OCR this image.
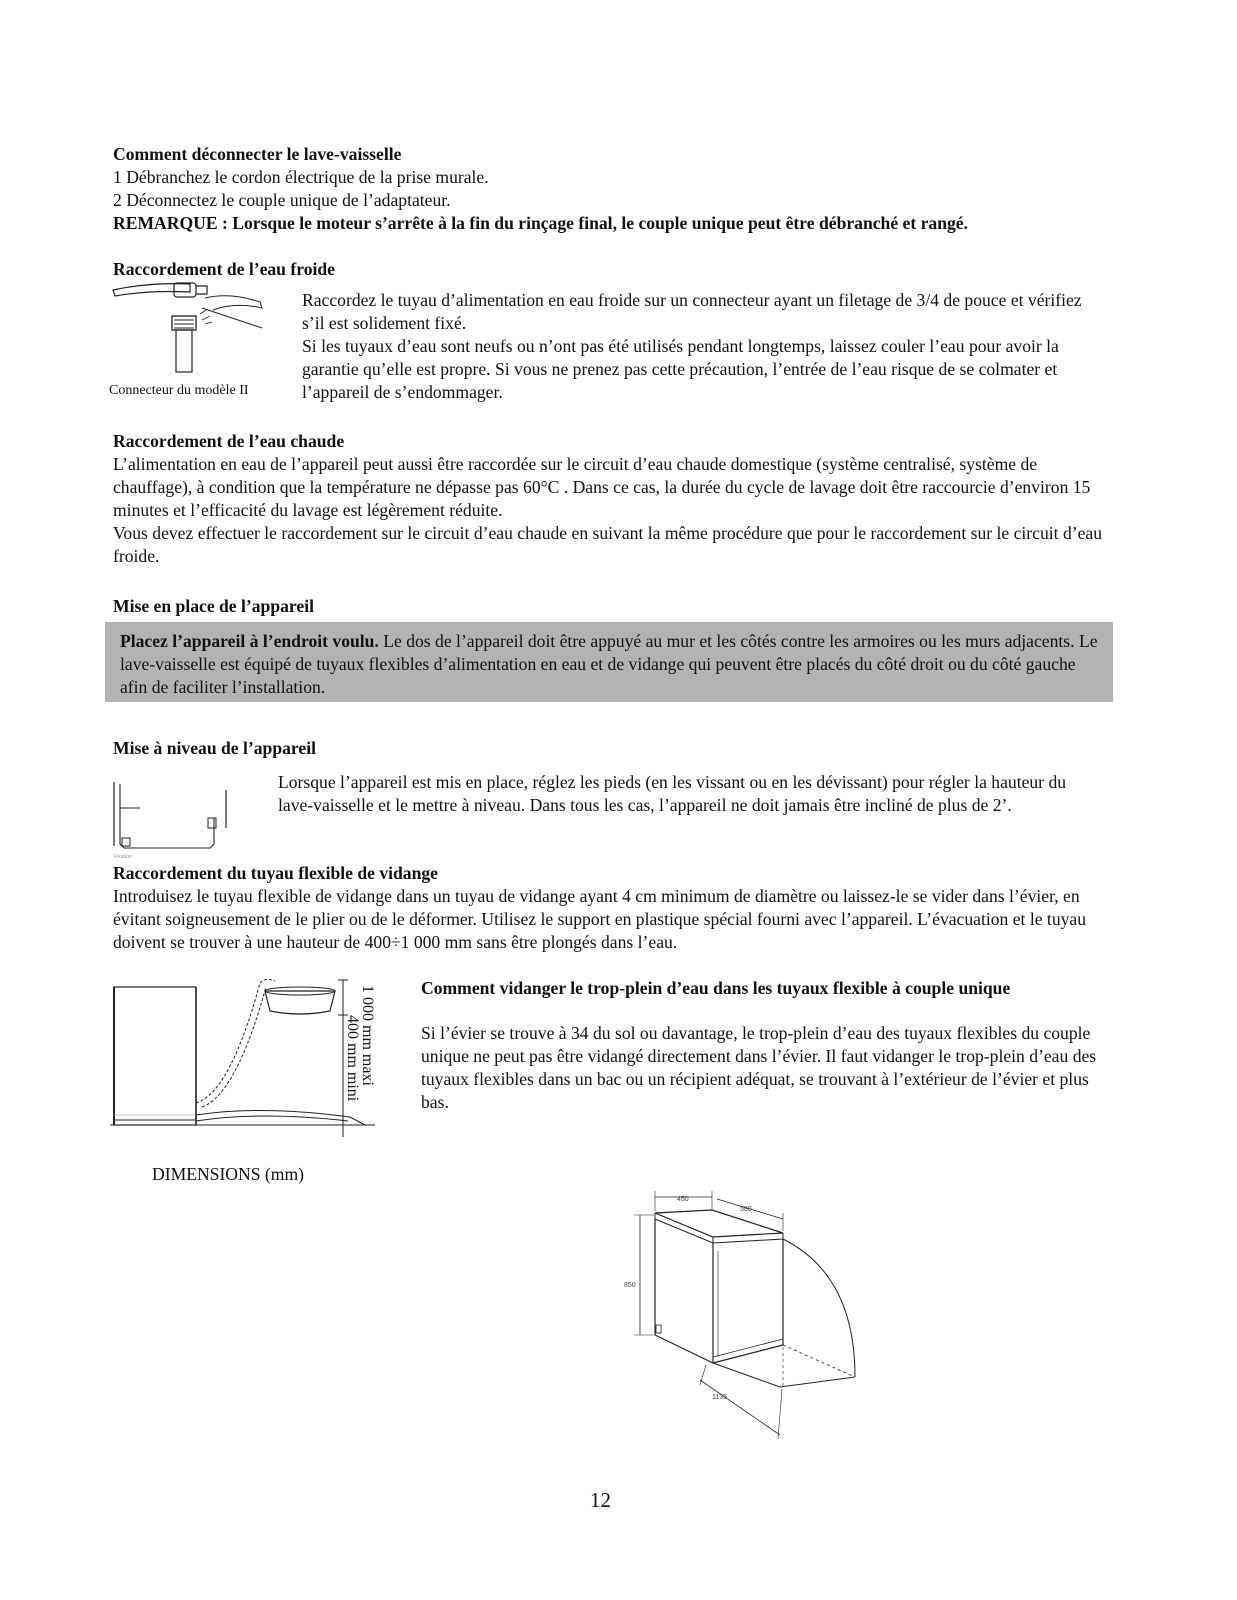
Comment déconnecter le lave-vaisselle
1 Débranchez le cordon électrique de la prise murale.
2 Déconnectez le couple unique de l’adaptateur.
REMARQUE : Lorsque le moteur s’arrête à la fin du rinçage final, le couple unique peut être débranché et rangé.
Raccordement de l’eau froide
Connecteur du modèle II

Raccordez le tuyau d’alimentation en eau froide sur un connecteur ayant un filetage de 3/4 de pouce et vérifiez s’il est solidement fixé.

Si les tuyaux d’eau sont neufs ou n’ont pas été utilisés pendant longtemps, laissez couler l’eau pour avoir la garantie qu’elle est propre. Si vous ne prenez pas cette précaution, l’entrée de l’eau risque de se colmater et l’appareil de s’endommager.

Raccordement de l’eau chaude

L’alimentation en eau de l’appareil peut aussi être raccordée sur le circuit d’eau chaude domestique (système centralisé, système de chauffage), à condition que la température ne dépasse pas 60°C . Dans ce cas, la durée du cycle de lavage doit être raccourcie d’environ 15 minutes et l’efficacité du lavage est légèrement réduite.

Vous devez effectuer le raccordement sur le circuit d’eau chaude en suivant la même procédure que pour le raccordement sur le circuit d’eau froide.

Mise en place de l’appareil
Placez l’appareil à l’endroit voulu. Le dos de l’appareil doit être appuyé au mur et les côtés contre les armoires ou les murs adjacents. Le lave-vaisselle est équipé de tuyaux flexibles d’alimentation en eau et de vidange qui peuvent être placés du côté droit ou du côté gauche afin de faciliter l’installation.
Mise à niveau de l’appareil
Fixation
Lorsque l’appareil est mis en place, réglez les pieds (en les vissant ou en les dévissant) pour régler la hauteur du lave-vaisselle et le mettre à niveau. Dans tous les cas, l’appareil ne doit jamais être incliné de plus de 2’.
Raccordement du tuyau flexible de vidange
Introduisez le tuyau flexible de vidange dans un tuyau de vidange ayant 4 cm minimum de diamètre ou laissez-le se vider dans l’évier, en évitant soigneusement de le plier ou de le déformer. Utilisez le support en plastique spécial fourni avec l’appareil. L’évacuation et le tuyau doivent se trouver à une hauteur de 400÷1 000 mm sans être plongés dans l’eau.
1 000 mm maxi
400 mm mini
Comment vidanger le trop-plein d’eau dans les tuyaux flexible à couple unique
Si l’évier se trouve à 34 du sol ou davantage, le trop-plein d’eau des tuyaux flexibles du couple unique ne peut pas être vidangé directement dans l’évier. Il faut vidanger le trop-plein d’eau des tuyaux flexibles dans un bac ou un récipient adéquat, se trouvant à l’extérieur de l’évier et plus bas.
DIMENSIONS (mm)
450
580
850
1135
12
